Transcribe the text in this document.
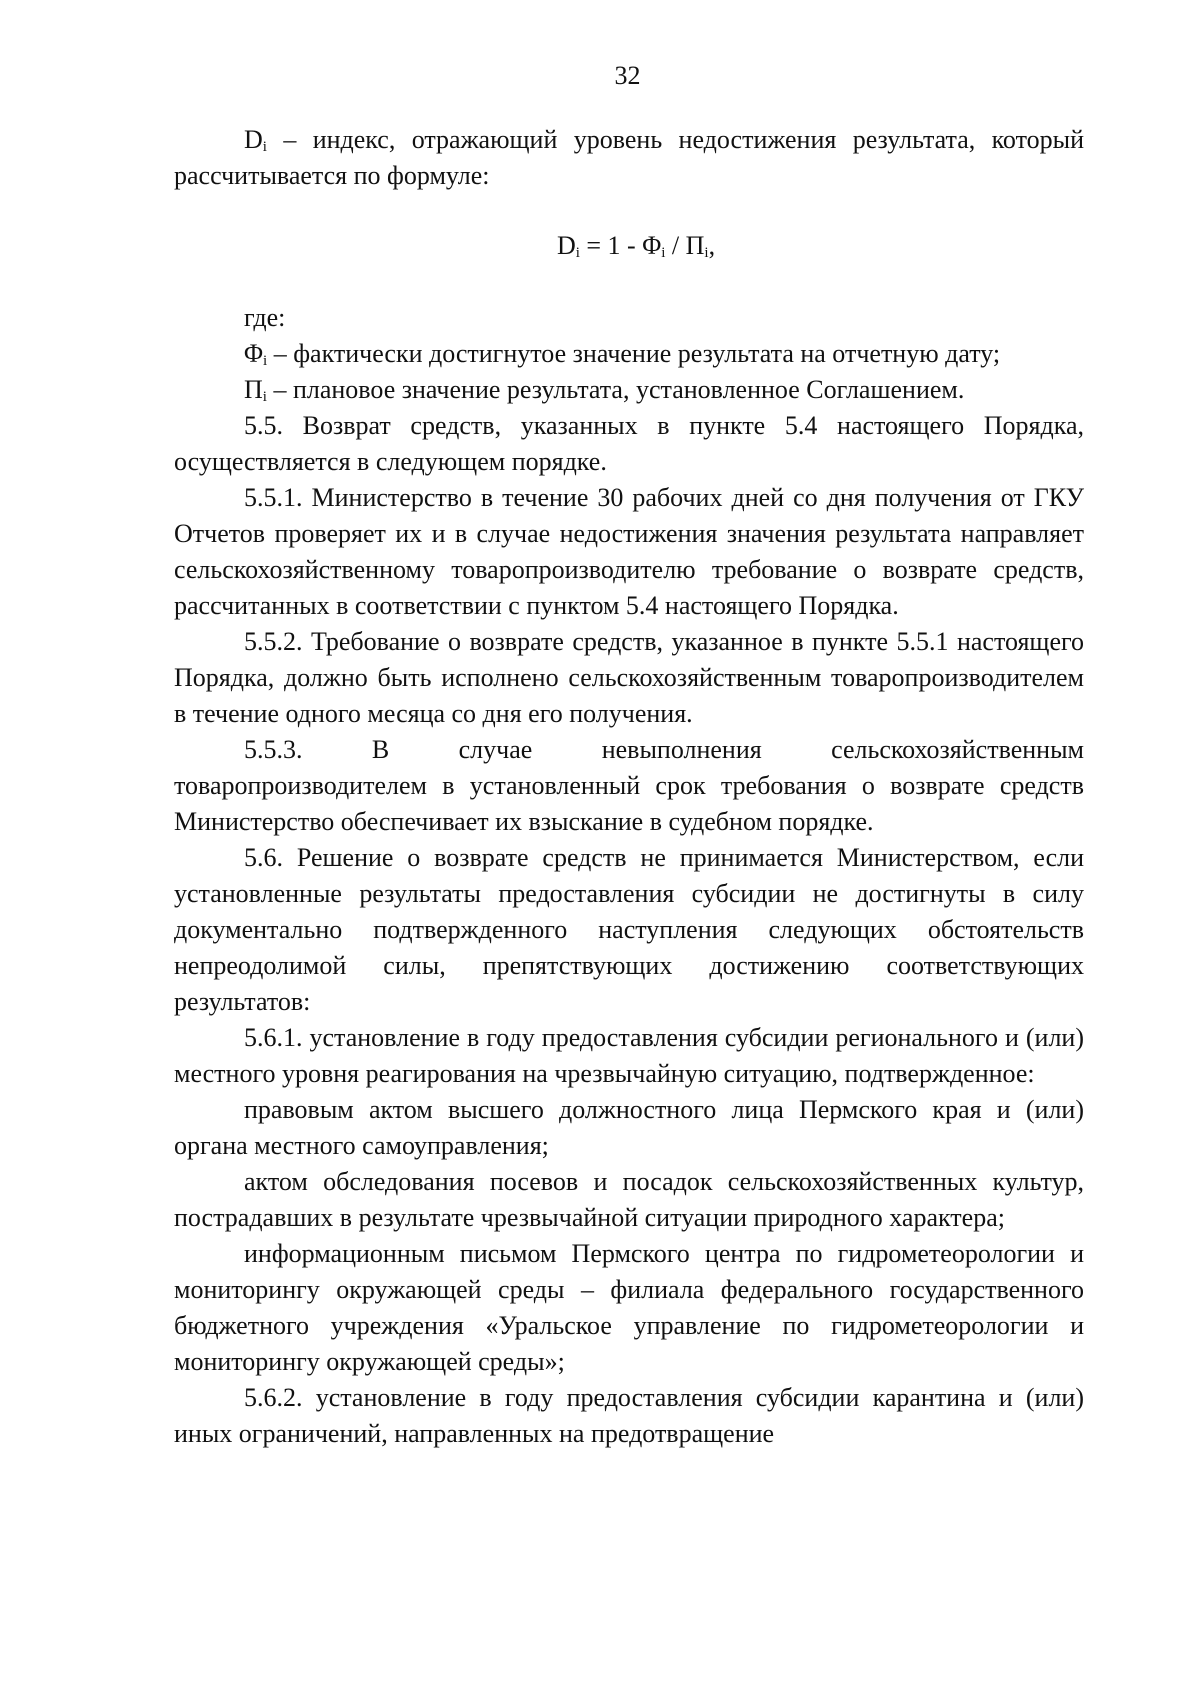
32

$D_i$ – индекс, отражающий уровень недостижения результата, который рассчитывается по формуле:

$D_i = 1 - \Phi_i / П_i$,

где:

$\Phi_i$ – фактически достигнутое значение результата на отчетную дату;

$П_i$ – плановое значение результата, установленное Соглашением.

5.5. Возврат средств, указанных в пункте 5.4 настоящего Порядка, осуществляется в следующем порядке.

5.5.1. Министерство в течение 30 рабочих дней со дня получения от ГКУ Отчетов проверяет их и в случае недостижения значения результата направляет сельскохозяйственному товаропроизводителю требование о возврате средств, рассчитанных в соответствии с пунктом 5.4 настоящего Порядка.

5.5.2. Требование о возврате средств, указанное в пункте 5.5.1 настоящего Порядка, должно быть исполнено сельскохозяйственным товаропроизводителем в течение одного месяца со дня его получения.

5.5.3. В случае невыполнения сельскохозяйственным товаропроизводителем в установленный срок требования о возврате средств Министерство обеспечивает их взыскание в судебном порядке.

5.6. Решение о возврате средств не принимается Министерством, если установленные результаты предоставления субсидии не достигнуты в силу документально подтвержденного наступления следующих обстоятельств непреодолимой силы, препятствующих достижению соответствующих результатов:

5.6.1. установление в году предоставления субсидии регионального и (или) местного уровня реагирования на чрезвычайную ситуацию, подтвержденное:

правовым актом высшего должностного лица Пермского края и (или) органа местного самоуправления;

актом обследования посевов и посадок сельскохозяйственных культур, пострадавших в результате чрезвычайной ситуации природного характера;

информационным письмом Пермского центра по гидрометеорологии и мониторингу окружающей среды – филиала федерального государственного бюджетного учреждения «Уральское управление по гидрометеорологии и мониторингу окружающей среды»;

5.6.2. установление в году предоставления субсидии карантина и (или) иных ограничений, направленных на предотвращение
